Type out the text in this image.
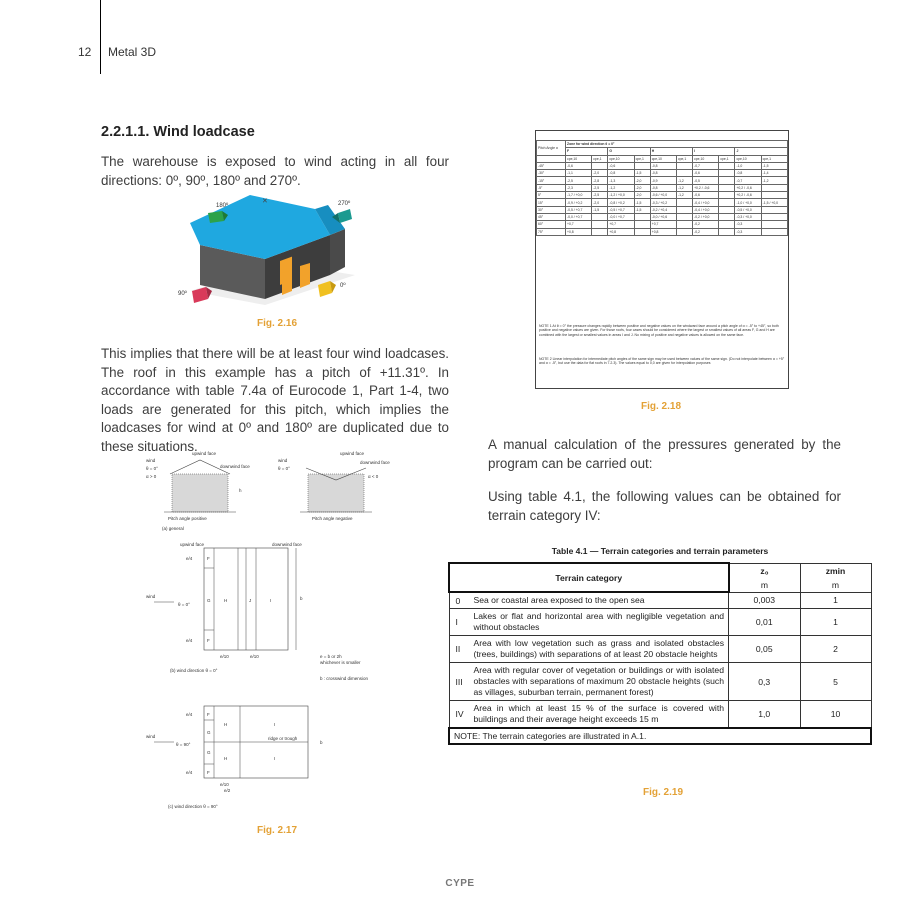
12 Metal 3D
2.2.1.1. Wind loadcase

The warehouse is exposed to wind acting in all four directions: 0º, 90º, 180º and 270º.

180º	270º
90º
0º
✕
Fig. 2.16

This implies that there will be at least four wind loadcases. The roof in this example has a pitch of +11.31º. In accordance with table 7.4a of Eurocode 1, Part 1-4, two loads are generated for this pitch, which implies the loadcases for wind at 0º and 180º are duplicated due to these situations.

upwind face
downwind face
wind
θ = 0°
α > 0
h
Pitch angle positive
upwind face
downwind face
wind
θ = 0°
α < 0
Pitch angle negative
(a) general
F
G
F
H	J	I
wind
θ = 0°
b
e/4
e/4
e/10	e/10
(b) wind direction θ = 0°
e = b or 2h
whichever is smaller
b : crosswind dimension
upwind face	downwind face
F
G
G
F
H
H
I
I
ridge or trough
wind
θ = 90°	b
e/4
e/4
e/10
e/2
(c) wind direction θ = 90°
Fig. 2.17
Pitch Angle α	Zone for wind direction θ = 0°									
	F		G		H		I		J	
	cpe,10	cpe,1	cpe,10	cpe,1	cpe,10	cpe,1	cpe,10	cpe,1	cpe,10	cpe,1
-45°	-0,6		-0,6		-0,8		-0,7		-1,0	-1,5
-30°	-1,1	-2,0	-0,8	-1,5	-0,8		-0,6		-0,8	-1,4
-15°	-2,5	-2,8	-1,3	-2,0	-0,9	-1,2	-0,5		-0,7	-1,2
-5°	-2,3	-2,5	-1,2	-2,0	-0,8	-1,2	+0,2 / -0,6		+0,2 / -0,6	
5°	-1,7 / +0,0	-2,5	-1,2 / +0,0	-2,0	-0,6 / +0,0	-1,2	-0,6		+0,2 / -0,6	
15°	-0,9 / +0,2	-2,0	-0,8 / +0,2	-1,5	-0,3 / +0,2		-0,4 / +0,0		-1,0 / +0,0	-1,5 / +0,0
30°	-0,5 / +0,7	-1,5	-0,5 / +0,7	-1,5	-0,2 / +0,4		-0,4 / +0,0		-0,5 / +0,0	
45°	-0,0 / +0,7		-0,0 / +0,7		-0,0 / +0,6		-0,2 / +0,0		-0,3 / +0,0	
60°	+0,7		+0,7		+0,7		-0,2		-0,3	
75°	+0,8		+0,8		+0,8		-0,2		-0,3	
NOTE 1 At θ = 0° the pressure changes rapidly between positive and negative values on the windward face around a pitch angle of α = -5° to +45°, so both positive and negative values are given. For those roofs, four cases should be considered where the largest or smallest values of all areas F, G and H are combined with the largest or smallest values in areas I and J. No mixing of positive and negative values is allowed on the same face.
NOTE 2 Linear interpolation for intermediate pitch angles of the same sign may be used between values of the same sign. (Do not interpolate between α = +5° and α = -5°, but use the data for flat roofs in 7.2.3). The values equal to 0,0 are given for interpolation purposes
Fig. 2.18

A manual calculation of the pressures generated by the program can be carried out:

Using table 4.1, the following values can be obtained for terrain category IV:

Table 4.1 — Terrain categories and terrain parameters
Terrain category		z₀	zmin
		m	m
0	Sea or coastal area exposed to the open sea	0,003	1
I	Lakes or flat and horizontal area with negligible vegetation and without obstacles	0,01	1
II	Area with low vegetation such as grass and isolated obstacles (trees, buildings) with separations of at least 20 obstacle heights	0,05	2
III	Area with regular cover of vegetation or buildings or with isolated obstacles with separations of maximum 20 obstacle heights (such as villages, suburban terrain, permanent forest)	0,3	5
IV	Area in which at least 15 % of the surface is covered with buildings and their average height exceeds 15 m	1,0	10
NOTE: The terrain categories are illustrated in A.1.			
Fig. 2.19
CYPE
